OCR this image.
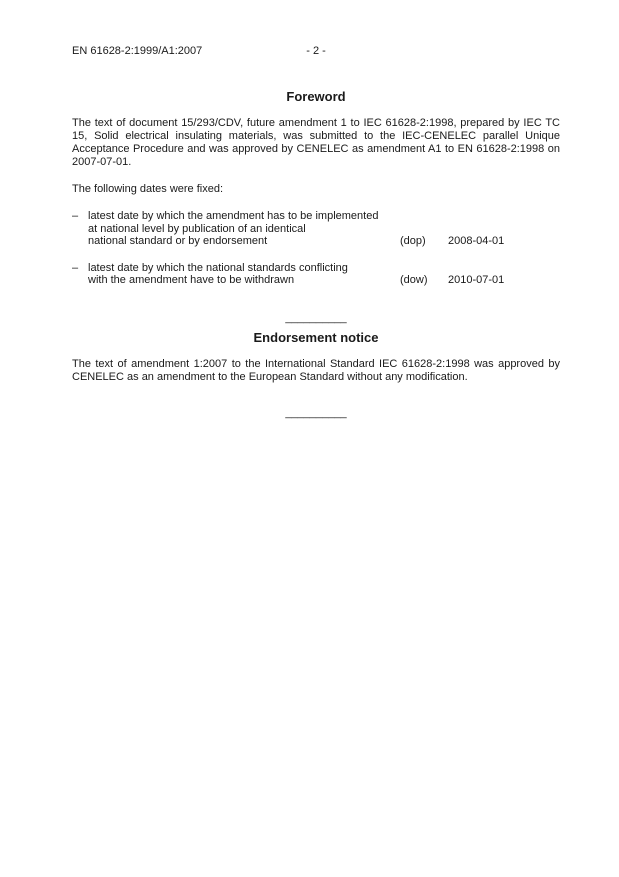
EN 61628-2:1999/A1:2007	- 2 -
Foreword
The text of document 15/293/CDV, future amendment 1 to IEC 61628-2:1998, prepared by IEC TC 15, Solid electrical insulating materials, was submitted to the IEC-CENELEC parallel Unique Acceptance Procedure and was approved by CENELEC as amendment A1 to EN 61628-2:1998 on 2007-07-01.
The following dates were fixed:
– latest date by which the amendment has to be implemented
at national level by publication of an identical
national standard or by endorsement	(dop) 2008-04-01
– latest date by which the national standards conflicting
with the amendment have to be withdrawn	(dow) 2010-07-01
__________
Endorsement notice
The text of amendment 1:2007 to the International Standard IEC 61628-2:1998 was approved by CENELEC as an amendment to the European Standard without any modification.
__________
